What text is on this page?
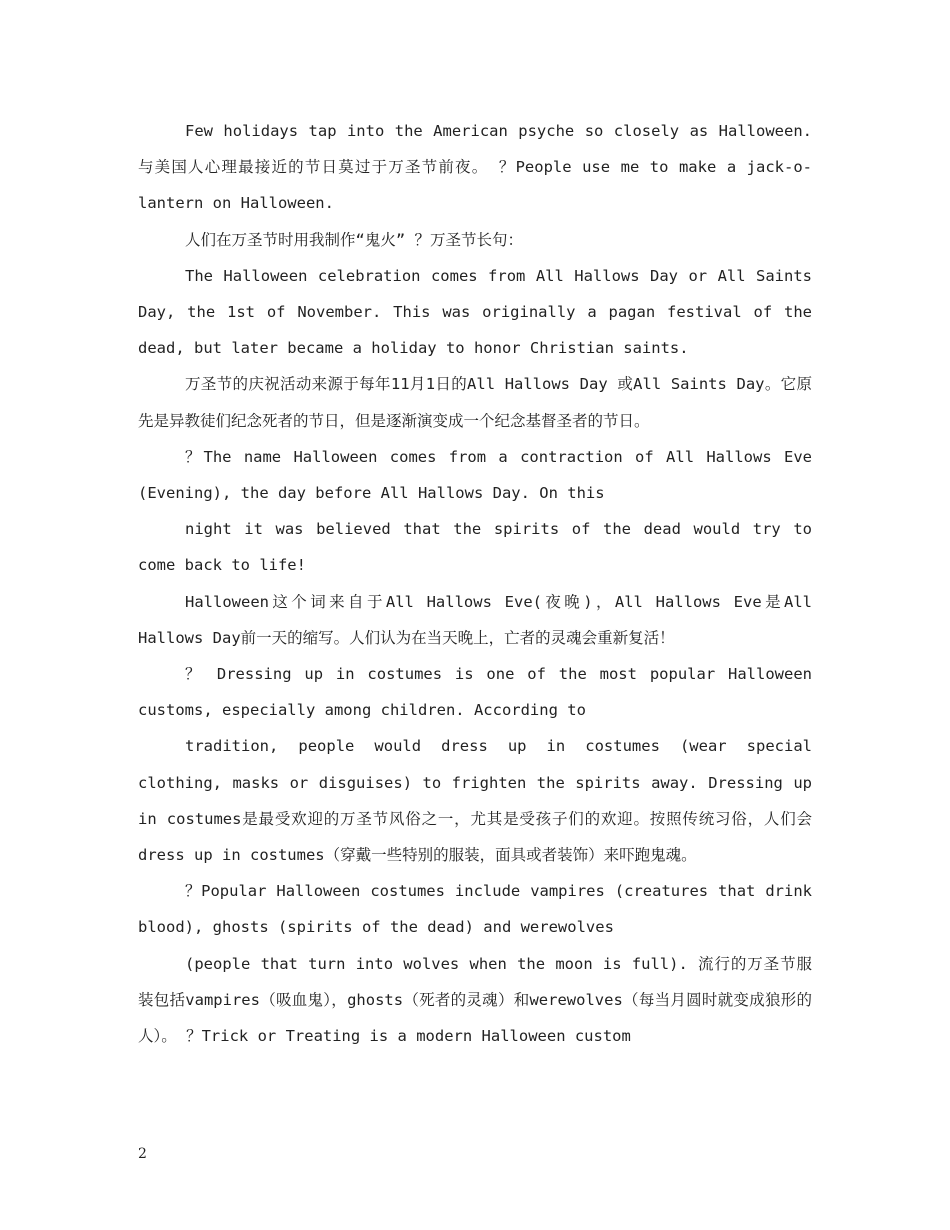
Few holidays tap into the American psyche so closely as Halloween. 与美国人心理最接近的节日莫过于万圣节前夜。 ？People use me to make a jack-o-lantern on Halloween.

人们在万圣节时用我制作“鬼火” ？万圣节长句：

The Halloween celebration comes from All Hallows Day or All Saints Day, the 1st of November. This was originally a pagan festival of the dead, but later became a holiday to honor Christian saints.

万圣节的庆祝活动来源于每年11月1日的All Hallows Day 或All Saints Day。它原先是异教徒们纪念死者的节日，但是逐渐演变成一个纪念基督圣者的节日。

？The name Halloween comes from a contraction of All Hallows Eve (Evening), the day before All Hallows Day. On this

night it was believed that the spirits of the dead would try to come back to life!

Halloween这个词来自于All Hallows Eve(夜晚)，All Hallows Eve是All Hallows Day前一天的缩写。人们认为在当天晚上，亡者的灵魂会重新复活！

？ Dressing up in costumes is one of the most popular Halloween customs, especially among children. According to

tradition, people would dress up in costumes (wear special clothing, masks or disguises) to frighten the spirits away. Dressing up in costumes是最受欢迎的万圣节风俗之一，尤其是受孩子们的欢迎。按照传统习俗，人们会dress up in costumes（穿戴一些特别的服装，面具或者装饰）来吓跑鬼魂。

？Popular Halloween costumes include vampires (creatures that drink blood), ghosts (spirits of the dead) and werewolves

(people that turn into wolves when the moon is full). 流行的万圣节服装包括vampires（吸血鬼），ghosts（死者的灵魂）和werewolves（每当月圆时就变成狼形的人）。 ？Trick or Treating is a modern Halloween custom

2
